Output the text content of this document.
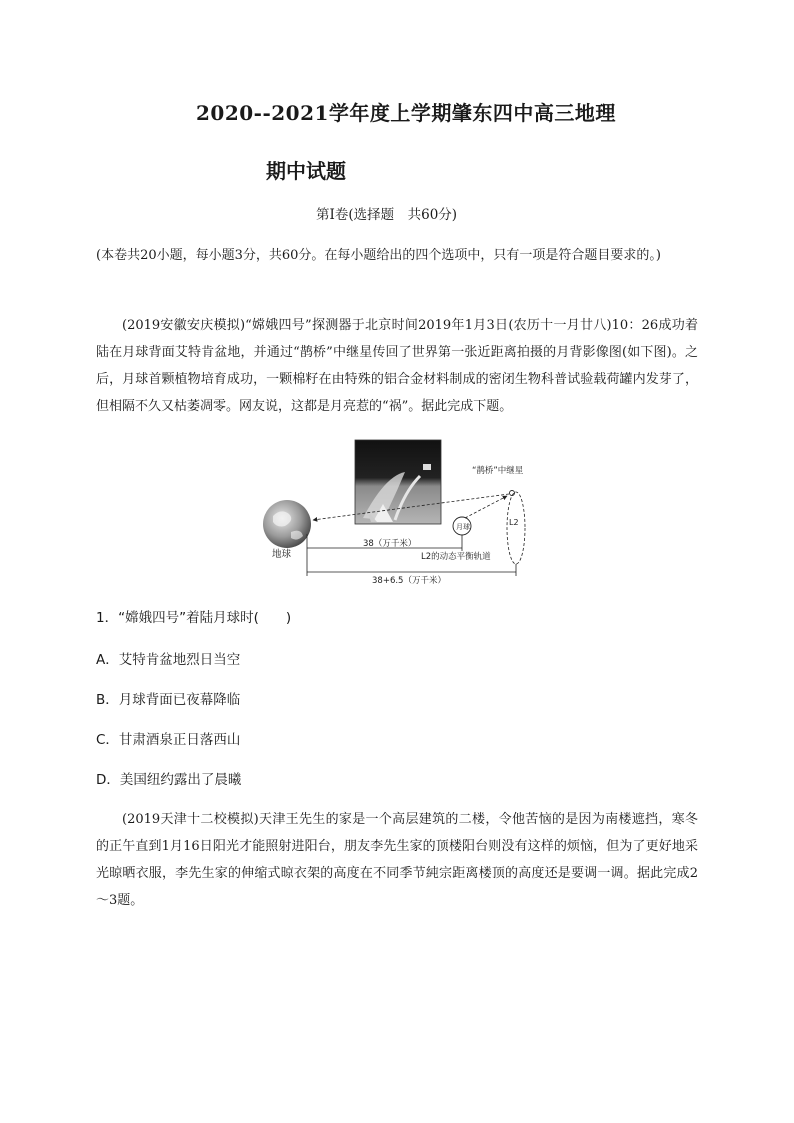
2020--2021学年度上学期肇东四中高三地理
期中试题
第Ⅰ卷(选择题　共60分)
(本卷共20小题，每小题3分，共60分。在每小题给出的四个选项中，只有一项是符合题目要求的。)
(2019安徽安庆模拟)“嫦娥四号”探测器于北京时间2019年1月3日(农历十一月廿八)10：26成功着陆在月球背面艾特肯盆地，并通过“鹊桥”中继星传回了世界第一张近距离拍摄的月背影像图(如下图)。之后，月球首颗植物培育成功，一颗棉籽在由特殊的铝合金材料制成的密闭生物科普试验载荷罐内发芽了，但相隔不久又枯萎凋零。网友说，这都是月亮惹的“祸”。据此完成下题。
地球
月球
“鹊桥”中继星
L2
38（万千米）
L2的动态平衡轨道
38+6.5（万千米）
1．“嫦娥四号”着陆月球时(　　)
A．艾特肯盆地烈日当空
B．月球背面已夜幕降临
C．甘肃酒泉正日落西山
D．美国纽约露出了晨曦
(2019天津十二校模拟)天津王先生的家是一个高层建筑的二楼，令他苦恼的是因为南楼遮挡，寒冬的正午直到1月16日阳光才能照射进阳台，朋友李先生家的顶楼阳台则没有这样的烦恼，但为了更好地采光晾晒衣服，李先生家的伸缩式晾衣架的高度在不同季节純宗距离楼顶的高度还是要调一调。据此完成2～3题。
